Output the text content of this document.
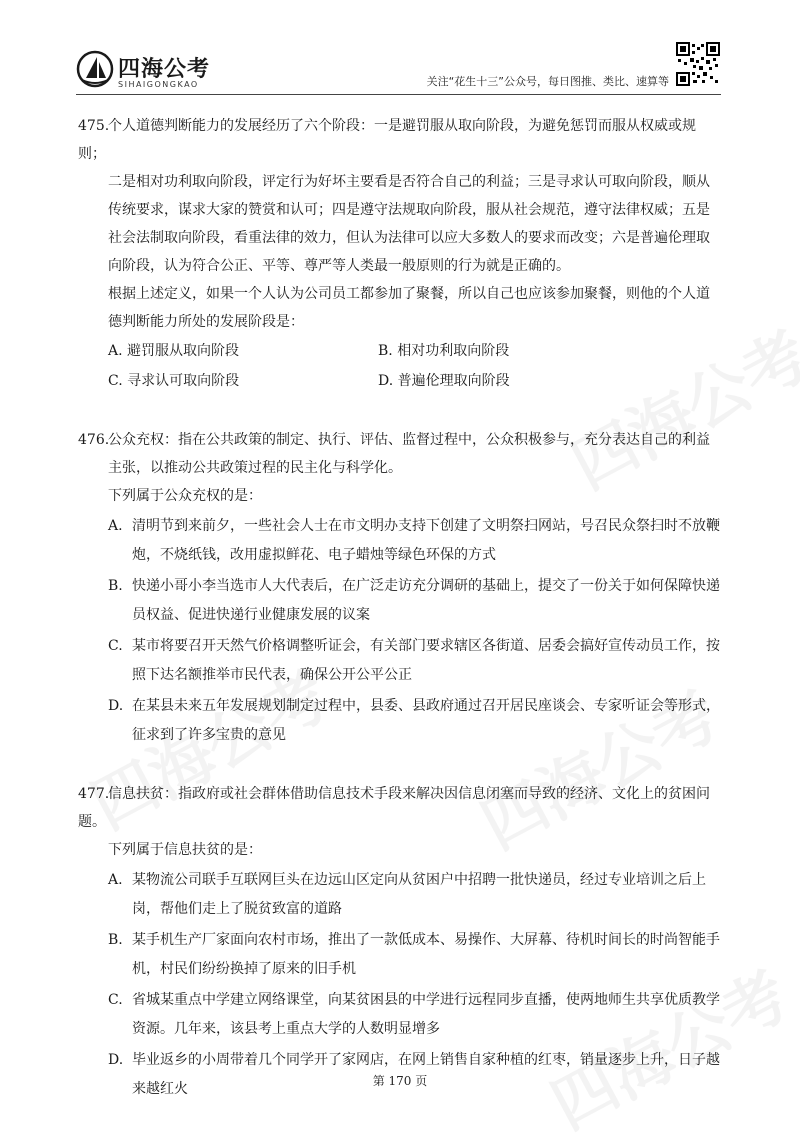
四海公考
SIHAIGONGKAO	关注“花生十三”公众号，每日图推、类比、速算等
475.个人道德判断能力的发展经历了六个阶段：一是避罚服从取向阶段，为避免惩罚而服从权威或规则；
二是相对功利取向阶段，评定行为好坏主要看是否符合自己的利益；三是寻求认可取向阶段，顺从传统要求，谋求大家的赞赏和认可；四是遵守法规取向阶段，服从社会规范，遵守法律权威；五是社会法制取向阶段，看重法律的效力，但认为法律可以应大多数人的要求而改变；六是普遍伦理取向阶段，认为符合公正、平等、尊严等人类最一般原则的行为就是正确的。
根据上述定义，如果一个人认为公司员工都参加了聚餐，所以自己也应该参加聚餐，则他的个人道德判断能力所处的发展阶段是：
A. 避罚服从取向阶段	B. 相对功利取向阶段
C. 寻求认可取向阶段	D. 普遍伦理取向阶段
476.公众充权：指在公共政策的制定、执行、评估、监督过程中，公众积极参与，充分表达自己的利益
主张，以推动公共政策过程的民主化与科学化。
下列属于公众充权的是：
A. 清明节到来前夕，一些社会人士在市文明办支持下创建了文明祭扫网站，号召民众祭扫时不放鞭炮，不烧纸钱，改用虚拟鲜花、电子蜡烛等绿色环保的方式
B. 快递小哥小李当选市人大代表后，在广泛走访充分调研的基础上，提交了一份关于如何保障快递员权益、促进快递行业健康发展的议案
C. 某市将要召开天然气价格调整听证会，有关部门要求辖区各街道、居委会搞好宣传动员工作，按照下达名额推举市民代表，确保公开公平公正
D. 在某县未来五年发展规划制定过程中，县委、县政府通过召开居民座谈会、专家听证会等形式，征求到了许多宝贵的意见
477.信息扶贫：指政府或社会群体借助信息技术手段来解决因信息闭塞而导致的经济、文化上的贫困问题。
下列属于信息扶贫的是：
A. 某物流公司联手互联网巨头在边远山区定向从贫困户中招聘一批快递员，经过专业培训之后上岗，帮他们走上了脱贫致富的道路
B. 某手机生产厂家面向农村市场，推出了一款低成本、易操作、大屏幕、待机时间长的时尚智能手机，村民们纷纷换掉了原来的旧手机
C. 省城某重点中学建立网络课堂，向某贫困县的中学进行远程同步直播，使两地师生共享优质教学资源。几年来，该县考上重点大学的人数明显增多
D. 毕业返乡的小周带着几个同学开了家网店，在网上销售自家种植的红枣，销量逐步上升，日子越来越红火	第 170 页
